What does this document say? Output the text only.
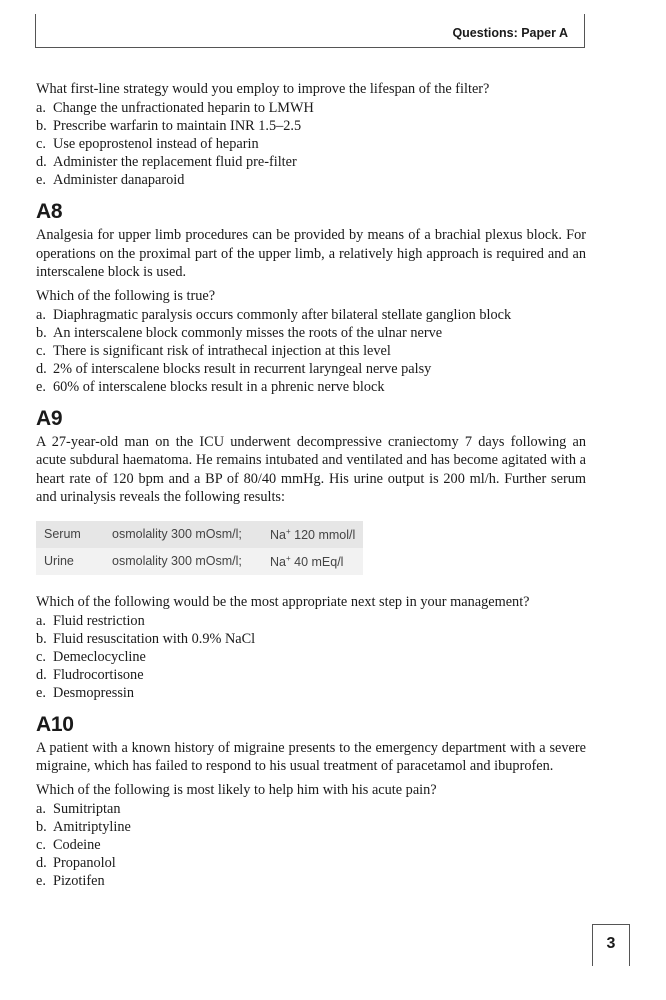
Questions: Paper A

What first-line strategy would you employ to improve the lifespan of the filter?

a. Change the unfractionated heparin to LMWH
b. Prescribe warfarin to maintain INR 1.5–2.5
c. Use epoprostenol instead of heparin
d. Administer the replacement fluid pre-filter
e. Administer danaparoid
A8

Analgesia for upper limb procedures can be provided by means of a brachial plexus block. For operations on the proximal part of the upper limb, a relatively high approach is required and an interscalene block is used.

Which of the following is true?

a. Diaphragmatic paralysis occurs commonly after bilateral stellate ganglion block
b. An interscalene block commonly misses the roots of the ulnar nerve
c. There is significant risk of intrathecal injection at this level
d. 2% of interscalene blocks result in recurrent laryngeal nerve palsy
e. 60% of interscalene blocks result in a phrenic nerve block
A9

A 27-year-old man on the ICU underwent decompressive craniectomy 7 days following an acute subdural haematoma. He remains intubated and ventilated and has become agitated with a heart rate of 120 bpm and a BP of 80/40 mmHg. His urine output is 200 ml/h. Further serum and urinalysis reveals the following results:

Serum	osmolality 300 mOsm/l;	Na+ 120 mmol/l
Urine	osmolality 300 mOsm/l;	Na+ 40 mEq/l

Which of the following would be the most appropriate next step in your management?

a. Fluid restriction
b. Fluid resuscitation with 0.9% NaCl
c. Demeclocycline
d. Fludrocortisone
e. Desmopressin
A10

A patient with a known history of migraine presents to the emergency department with a severe migraine, which has failed to respond to his usual treatment of paracetamol and ibuprofen.

Which of the following is most likely to help him with his acute pain?

a. Sumitriptan
b. Amitriptyline
c. Codeine
d. Propanolol
e. Pizotifen
3
